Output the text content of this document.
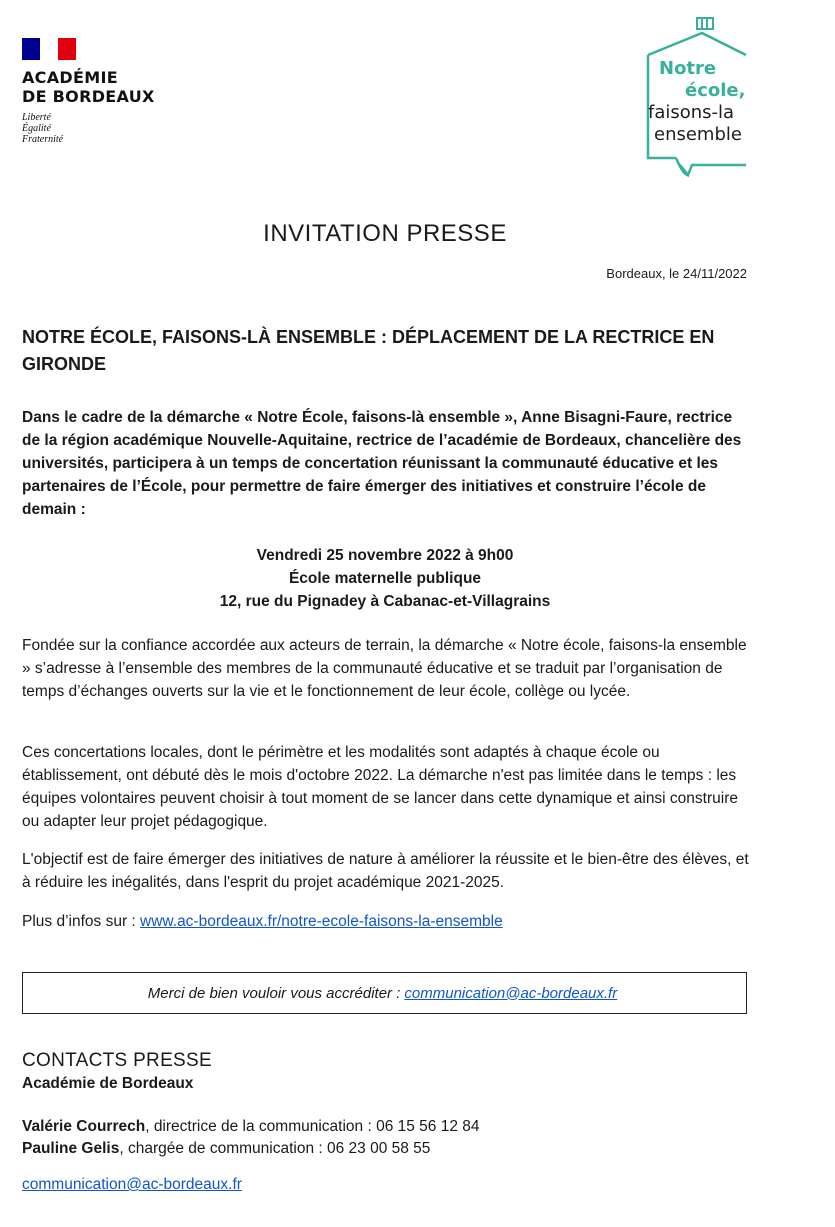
ACADÉMIE
DE BORDEAUX
Liberté
Égalité
Fraternité
Notre
école,
faisons-la
ensemble
INVITATION PRESSE
Bordeaux, le 24/11/2022
NOTRE ÉCOLE, FAISONS-LÀ ENSEMBLE : DÉPLACEMENT DE LA RECTRICE EN GIRONDE
Dans le cadre de la démarche « Notre École, faisons-là ensemble », Anne Bisagni-Faure, rectrice de la région académique Nouvelle-Aquitaine, rectrice de l’académie de Bordeaux, chancelière des universités, participera à un temps de concertation réunissant la communauté éducative et les partenaires de l’École, pour permettre de faire émerger des initiatives et construire l’école de demain :
Vendredi 25 novembre 2022 à 9h00
École maternelle publique
12, rue du Pignadey à Cabanac-et-Villagrains
Fondée sur la confiance accordée aux acteurs de terrain, la démarche « Notre école, faisons-la ensemble » s’adresse à l’ensemble des membres de la communauté éducative et se traduit par l’organisation de temps d’échanges ouverts sur la vie et le fonctionnement de leur école, collège ou lycée.
Ces concertations locales, dont le périmètre et les modalités sont adaptés à chaque école ou établissement, ont débuté dès le mois d'octobre 2022. La démarche n'est pas limitée dans le temps : les équipes volontaires peuvent choisir à tout moment de se lancer dans cette dynamique et ainsi construire ou adapter leur projet pédagogique.
L'objectif est de faire émerger des initiatives de nature à améliorer la réussite et le bien-être des élèves, et à réduire les inégalités, dans l'esprit du projet académique 2021-2025.
Plus d’infos sur : www.ac-bordeaux.fr/notre-ecole-faisons-la-ensemble
Merci de bien vouloir vous accréditer : communication@ac-bordeaux.fr
CONTACTS PRESSE
Académie de Bordeaux
Valérie Courrech, directrice de la communication : 06 15 56 12 84
Pauline Gelis, chargée de communication : 06 23 00 58 55
communication@ac-bordeaux.fr
